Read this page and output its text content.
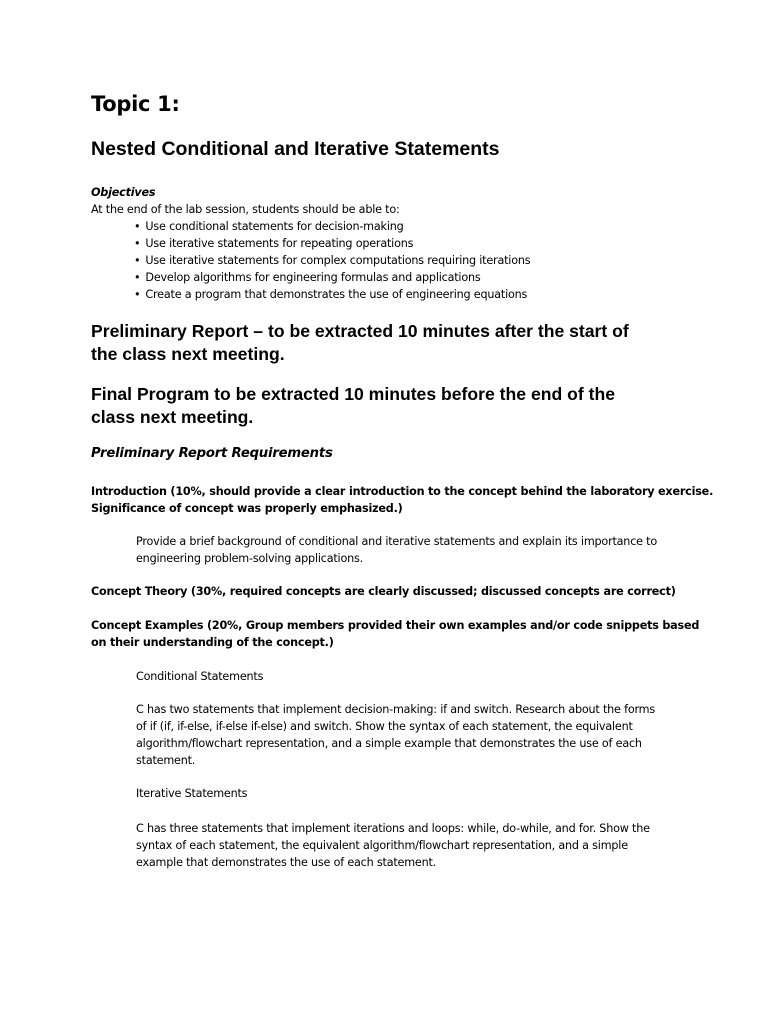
Topic 1:
Nested Conditional and Iterative Statements
Objectives
At the end of the lab session, students should be able to:
• Use conditional statements for decision-making
• Use iterative statements for repeating operations
• Use iterative statements for complex computations requiring iterations
• Develop algorithms for engineering formulas and applications
• Create a program that demonstrates the use of engineering equations
Preliminary Report – to be extracted 10 minutes after the start of
the class next meeting.
Final Program to be extracted 10 minutes before the end of the
class next meeting.
Preliminary Report Requirements
Introduction (10%, should provide a clear introduction to the concept behind the laboratory exercise.
Significance of concept was properly emphasized.)
Provide a brief background of conditional and iterative statements and explain its importance to
engineering problem-solving applications.
Concept Theory (30%, required concepts are clearly discussed; discussed concepts are correct)
Concept Examples (20%, Group members provided their own examples and/or code snippets based
on their understanding of the concept.)
Conditional Statements
C has two statements that implement decision-making: if and switch. Research about the forms
of if (if, if-else, if-else if-else) and switch. Show the syntax of each statement, the equivalent
algorithm/flowchart representation, and a simple example that demonstrates the use of each
statement.
Iterative Statements
C has three statements that implement iterations and loops: while, do-while, and for. Show the
syntax of each statement, the equivalent algorithm/flowchart representation, and a simple
example that demonstrates the use of each statement.
